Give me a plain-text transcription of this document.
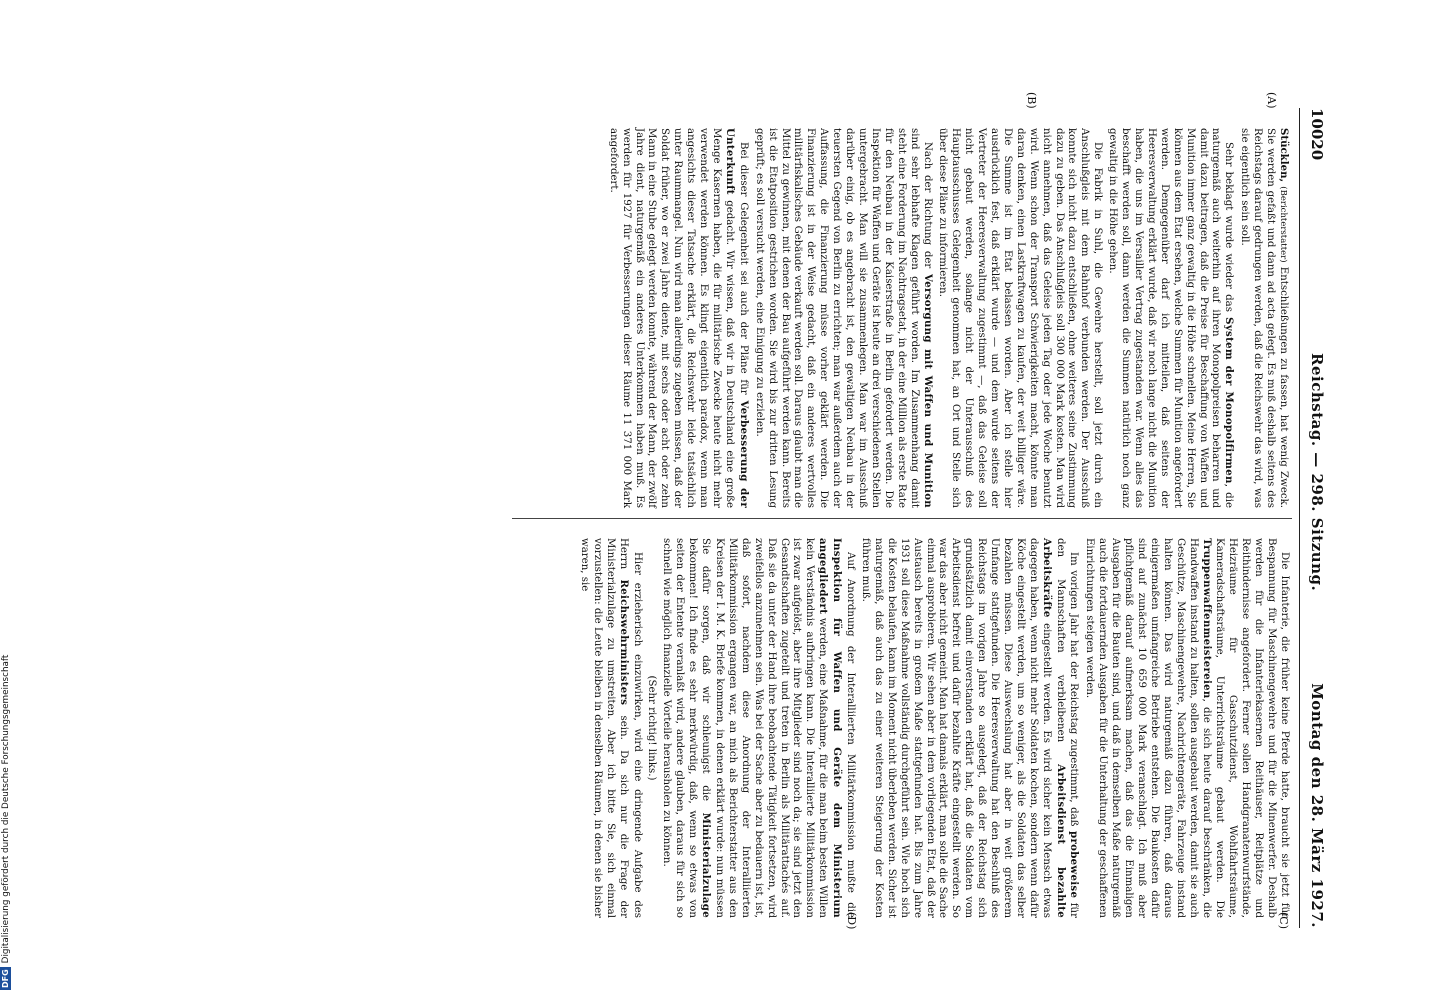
10020
Reichstag. — 298. Sitzung.
Montag den 28. März 1927.
(A)
(B)
(C)
(D)

Stücklen, (Berichterstatter) Entschließungen zu fassen, hat wenig Zweck. Sie werden gefaßt und dann ad acta gelegt. Es muß deshalb seitens des Reichstags darauf gedrungen werden, daß die Reichswehr das wird, was sie eigentlich sein soll.

Sehr beklagt wurde wieder das System der Monopolfirmen, die naturgemäß auch weiterhin auf ihren Monopolpreisen beharren und damit dazu beitragen, daß die Preise für Beschaffung von Waffen und Munition immer ganz gewaltig in die Höhe schnellen. Meine Herren, Sie können aus dem Etat ersehen, welche Summen für Munition angefordert werden. Demgegenüber darf ich mitteilen, daß seitens der Heeresverwaltung erklärt wurde, daß wir noch lange nicht die Munition haben, die uns im Versailler Vertrag zugestanden war. Wenn alles das beschafft werden soll, dann werden die Summen natürlich noch ganz gewaltig in die Höhe gehen.

Die Fabrik in Suhl, die Gewehre herstellt, soll jetzt durch ein Anschlußgleis mit dem Bahnhof verbunden werden. Der Ausschuß konnte sich nicht dazu entschließen, ohne weiteres seine Zustimmung dazu zu geben. Das Anschlußgleis soll 300 000 Mark kosten. Man wird nicht annehmen, daß das Geleise jeden Tag oder jede Woche benutzt wird. Wenn schon der Transport Schwierigkeiten macht, könnte man daran denken, einen Lastkraftwagen zu kaufen, der weit billiger wäre. Die Summe ist im Etat belassen worden. Aber ich stelle hier ausdrücklich fest, daß erklärt wurde — und dem wurde seitens der Vertreter der Heeresverwaltung zugestimmt —, daß das Geleise soll nicht gebaut werden, solange nicht der Unterausschuß des Hauptausschusses Gelegenheit genommen hat, an Ort und Stelle sich über diese Pläne zu informieren.

Nach der Richtung der Versorgung mit Waffen und Munition sind sehr lebhafte Klagen geführt worden. Im Zusammenhang damit steht eine Forderung im Nachtragsetat, in der eine Million als erste Rate für den Neubau in der Kaiserstraße in Berlin gefordert werden. Die Inspektion für Waffen und Geräte ist heute an drei verschiedenen Stellen untergebracht. Man will sie zusammenlegen. Man war im Ausschuß darüber einig, ob es angebracht ist, den gewaltigen Neubau in der teuersten Gegend von Berlin zu errichten; man war außerdem auch der Auffassung, die Finanzierung müsse vorher geklärt werden. Die Finanzierung ist in der Weise gedacht, daß ein anderes wertvolles militärfiskalisches Gebäude verkauft werden soll. Daraus glaubt man die Mittel zu gewinnen, mit denen der Bau aufgeführt werden kann. Bereits ist die Etatposition gestrichen worden. Sie wird bis zur dritten Lesung geprüft; es soll versucht werden, eine Einigung zu erzielen.

Bei dieser Gelegenheit sei auch der Pläne für Verbesserung der Unterkunft gedacht. Wir wissen, daß wir in Deutschland eine große Menge Kasernen haben, die für militärische Zwecke heute nicht mehr verwendet werden können. Es klingt eigentlich paradox, wenn man angesichts dieser Tatsache erklärt, die Reichswehr leide tatsächlich unter Raummangel. Nun wird man allerdings zugeben müssen, daß der Soldat früher, wo er zwei Jahre diente, mit sechs oder acht oder zehn Mann in eine Stube gelegt werden konnte, während der Mann, der zwölf Jahre dient, naturgemäß ein anderes Unterkommen haben muß. Es werden für 1927 für Verbesserungen dieser Räume 11 371 000 Mark angefordert.

Die Infanterie, die früher keine Pferde hatte, braucht sie jetzt für Bespannung für Maschinengewehre und für die Minenwerfer. Deshalb werden für die Infanteriekasernen Reithäuser, Reitplätze und Reithindernisse angefordert. Ferner sollen Handgranatenwurfstände, Heizräume für Gasschutzdienst, Wohlfahrtsräume, Kameradschaftsräume, Unterrichtsräume gebaut werden. Die Truppenwaffenmeistereien, die sich heute darauf beschränken, die Handwaffen instand zu halten, sollen ausgebaut werden, damit sie auch Geschütze, Maschinengewehre, Nachrichtengeräte, Fahrzeuge instand halten können. Das wird naturgemäß dazu führen, daß daraus einigermaßen umfangreiche Betriebe entstehen. Die Baukosten dafür sind auf zunächst 10 659 000 Mark veranschlagt. Ich muß aber pflichtgemäß darauf aufmerksam machen, daß das die Einmaligen Ausgaben für die Bauten sind, und daß in demselben Maße naturgemäß auch die fortdauernden Ausgaben für die Unterhaltung der geschaffenen Einrichtungen steigen werden.

Im vorigen Jahr hat der Reichstag zugestimmt, daß probeweise für den Mannschaften verbleibenen Arbeitsdienst bezahlte Arbeitskräfte eingestellt werden. Es wird sicher kein Mensch etwas dagegen haben, wenn nicht mehr Soldaten kochen, sondern wenn dafür Köche eingestellt werden, um so weniger, als die Soldaten das selber bezahlen müssen. Diese Auswechslung hat aber in weit größerem Umfange stattgefunden. Die Heeresverwaltung hat den Beschluß des Reichstags im vorigen Jahre so ausgelegt, daß der Reichstag sich grundsätzlich damit einverstanden erklärt hat, daß die Soldaten vom Arbeitsdienst befreit und dafür bezahlte Kräfte eingestellt werden. So war das aber nicht gemeint. Man hat damals erklärt, man solle die Sache einmal ausprobieren. Wir sehen aber in dem vorliegenden Etat, daß der Austausch bereits in großem Maße stattgefunden hat. Bis zum Jahre 1931 soll diese Maßnahme vollständig durchgeführt sein. Wie hoch sich die Kosten belaufen, kann im Moment nicht überleben werden. Sicher ist naturgemäß, daß auch das zu einer weiteren Steigerung der Kosten führen muß.

Auf Anordnung der Interalliierten Militärkommission mußte die Inspektion für Waffen und Geräte dem Ministerium angegliedert werden, eine Maßnahme, für die man beim besten Willen kein Verständnis aufbringen kann. Die Interalliierte Militärkommission ist zwar aufgelöst, aber ihre Mitglieder sind noch da; sie sind jetzt den Gesandtschaften zugeteilt und treten in Berlin als Militärattachés auf. Daß sie da unter der Hand ihre beobachtende Tätigkeit fortsetzen, wird zweifellos anzunehmen sein. Was bei der Sache aber zu bedauern ist, ist, daß sofort, nachdem diese Anordnung der Interalliierten Militärkommission ergangen war, an mich als Berichterstatter aus den Kreisen der I. M. K. Briefe kommen, in denen erklärt wurde: nun müssen Sie dafür sorgen, daß wir schleunigst die Ministerialzulage bekommen! Ich finde es sehr merkwürdig, daß, wenn so etwas von seiten der Entente veranlaßt wird, andere glauben, daraus für sich so schnell wie möglich finanzielle Vorteile herausholen zu können.

(Sehr richtig! links.)

Hier erzieherisch einzuwirken, wird eine dringende Aufgabe des Herrn Reichswehrministers sein. Da sich nur die Frage der Ministerialzulage zu umstreiten. Aber ich bitte Sie, sich einmal vorzustellen: die Leute bleiben in denselben Räumen, in denen sie bisher waren, sie

DFGDigitalisierung gefördert durch die Deutsche Forschungsgemeinschaft
